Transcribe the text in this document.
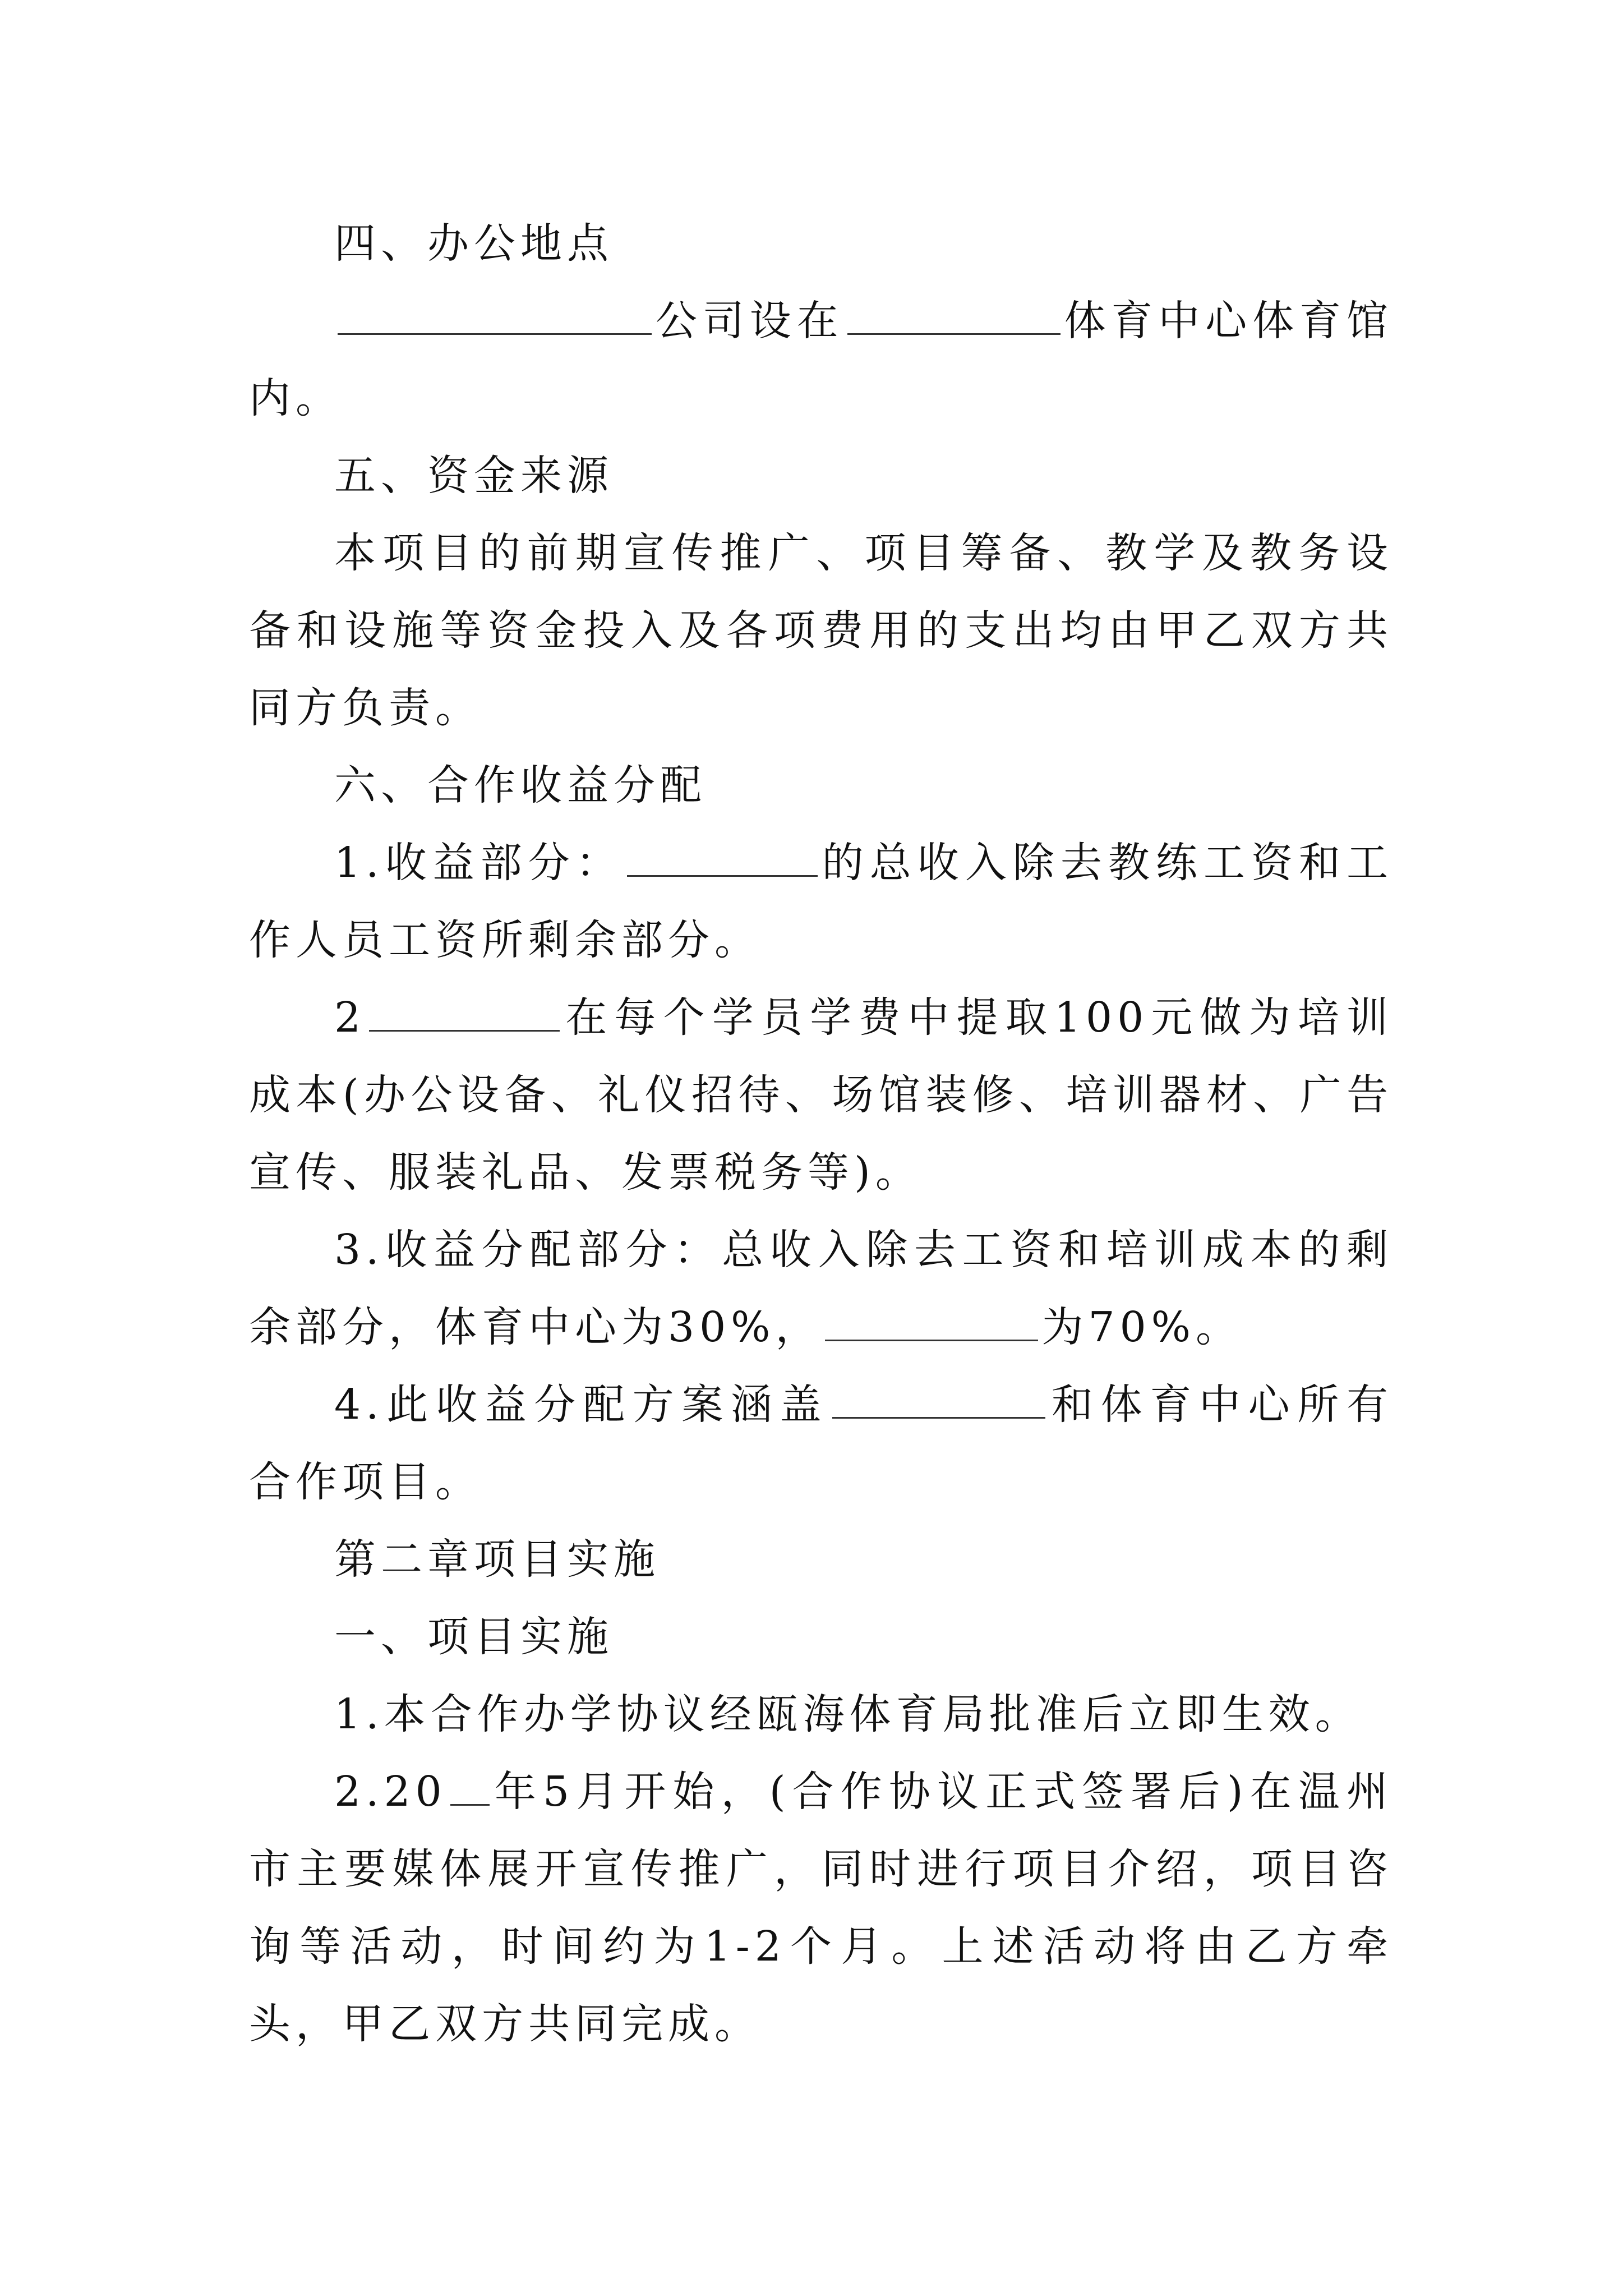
四、办公地点

公司设在	体育中心体育馆内。

五、资金来源

本项目的前期宣传推广、项目筹备、教学及教务设备和设施等资金投入及各项费用的支出均由甲乙双方共同方负责。

六、合作收益分配

1.收益部分：	的总收入除去教练工资和工作人员工资所剩余部分。

2	在每个学员学费中提取100元做为培训成本(办公设备、礼仪招待、场馆装修、培训器材、广告宣传、服装礼品、发票税务等)。

3.收益分配部分：总收入除去工资和培训成本的剩余部分，体育中心为30%，	为70%。

4.此收益分配方案涵盖	和体育中心所有合作项目。

第二章项目实施

一、项目实施

1.本合作办学协议经瓯海体育局批准后立即生效。

2.20 年5月开始，(合作协议正式签署后)在温州市主要媒体展开宣传推广，同时进行项目介绍，项目咨询等活动，时间约为1-2个月。上述活动将由乙方牵头，甲乙双方共同完成。
